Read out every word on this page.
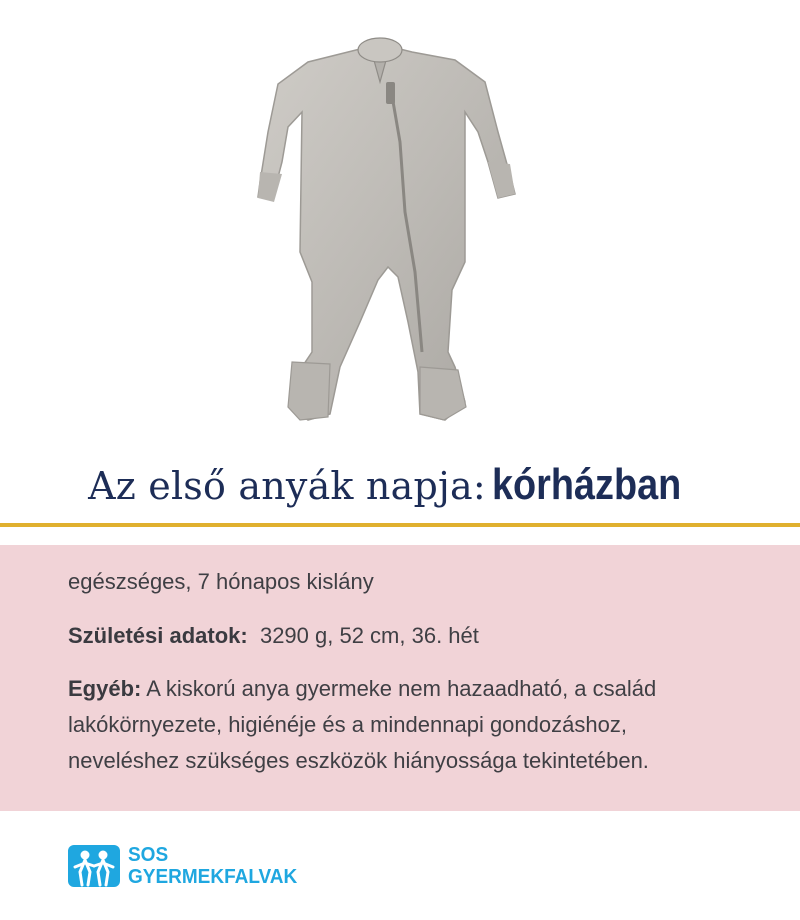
Az első anyák napja: kórházban
egészséges, 7 hónapos kislány
Születési adatok: 3290 g, 52 cm, 36. hét
Egyéb: A kiskorú anya gyermeke nem hazaadható, a család
lakókörnyezete, higiénéje és a mindennapi gondozáshoz,
neveléshez szükséges eszközök hiányossága tekintetében.
SOS
GYERMEKFALVAK
